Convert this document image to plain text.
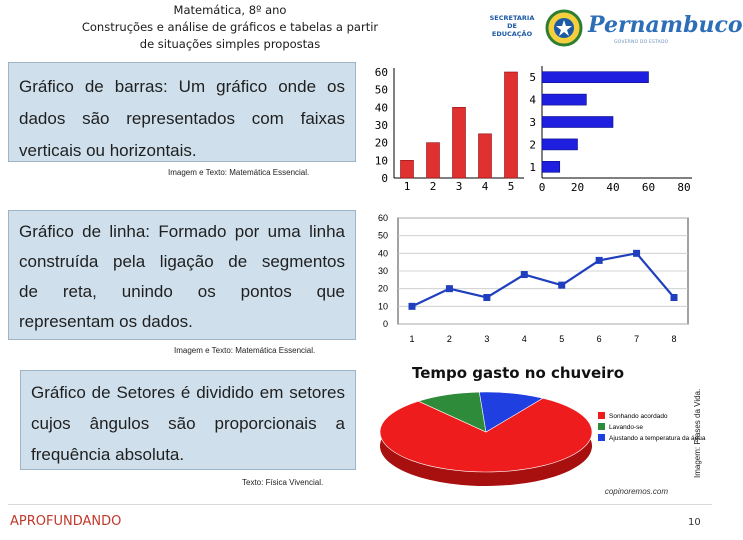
Matemática, 8º ano
Construções e análise de gráficos e tabelas a partir
de situações simples propostas
SECRETARIA
DE EDUCAÇÃO	Pernambuco
GOVERNO DO ESTADO

Gráfico de barras: Um gráfico onde os

dados são representados com faixas

verticais ou horizontais.

Imagem e Texto: Matemática Essencial.	0
10
20
30
40
50
60
1 2 3 4 5
1
2
3
4
5
0 20 40 60 80

Gráfico de linha: Formado por uma linha

construída pela ligação de segmentos

de reta, unindo os pontos que

representam os dados.

Imagem e Texto: Matemática Essencial.
0
10
20
30
40
50
60
1	2	3	4	5	6	7	8

Gráfico de Setores é dividido em setores

cujos ângulos são proporcionais a

frequência absoluta.

Texto: Física Vivencial.
Tempo gasto no chuveiro
Sonhando acordado
Lavando-se
Ajustando a temperatura da água
copinoremos.com
Imagem: Frases da Vida.
APROFUNDANDO	10
